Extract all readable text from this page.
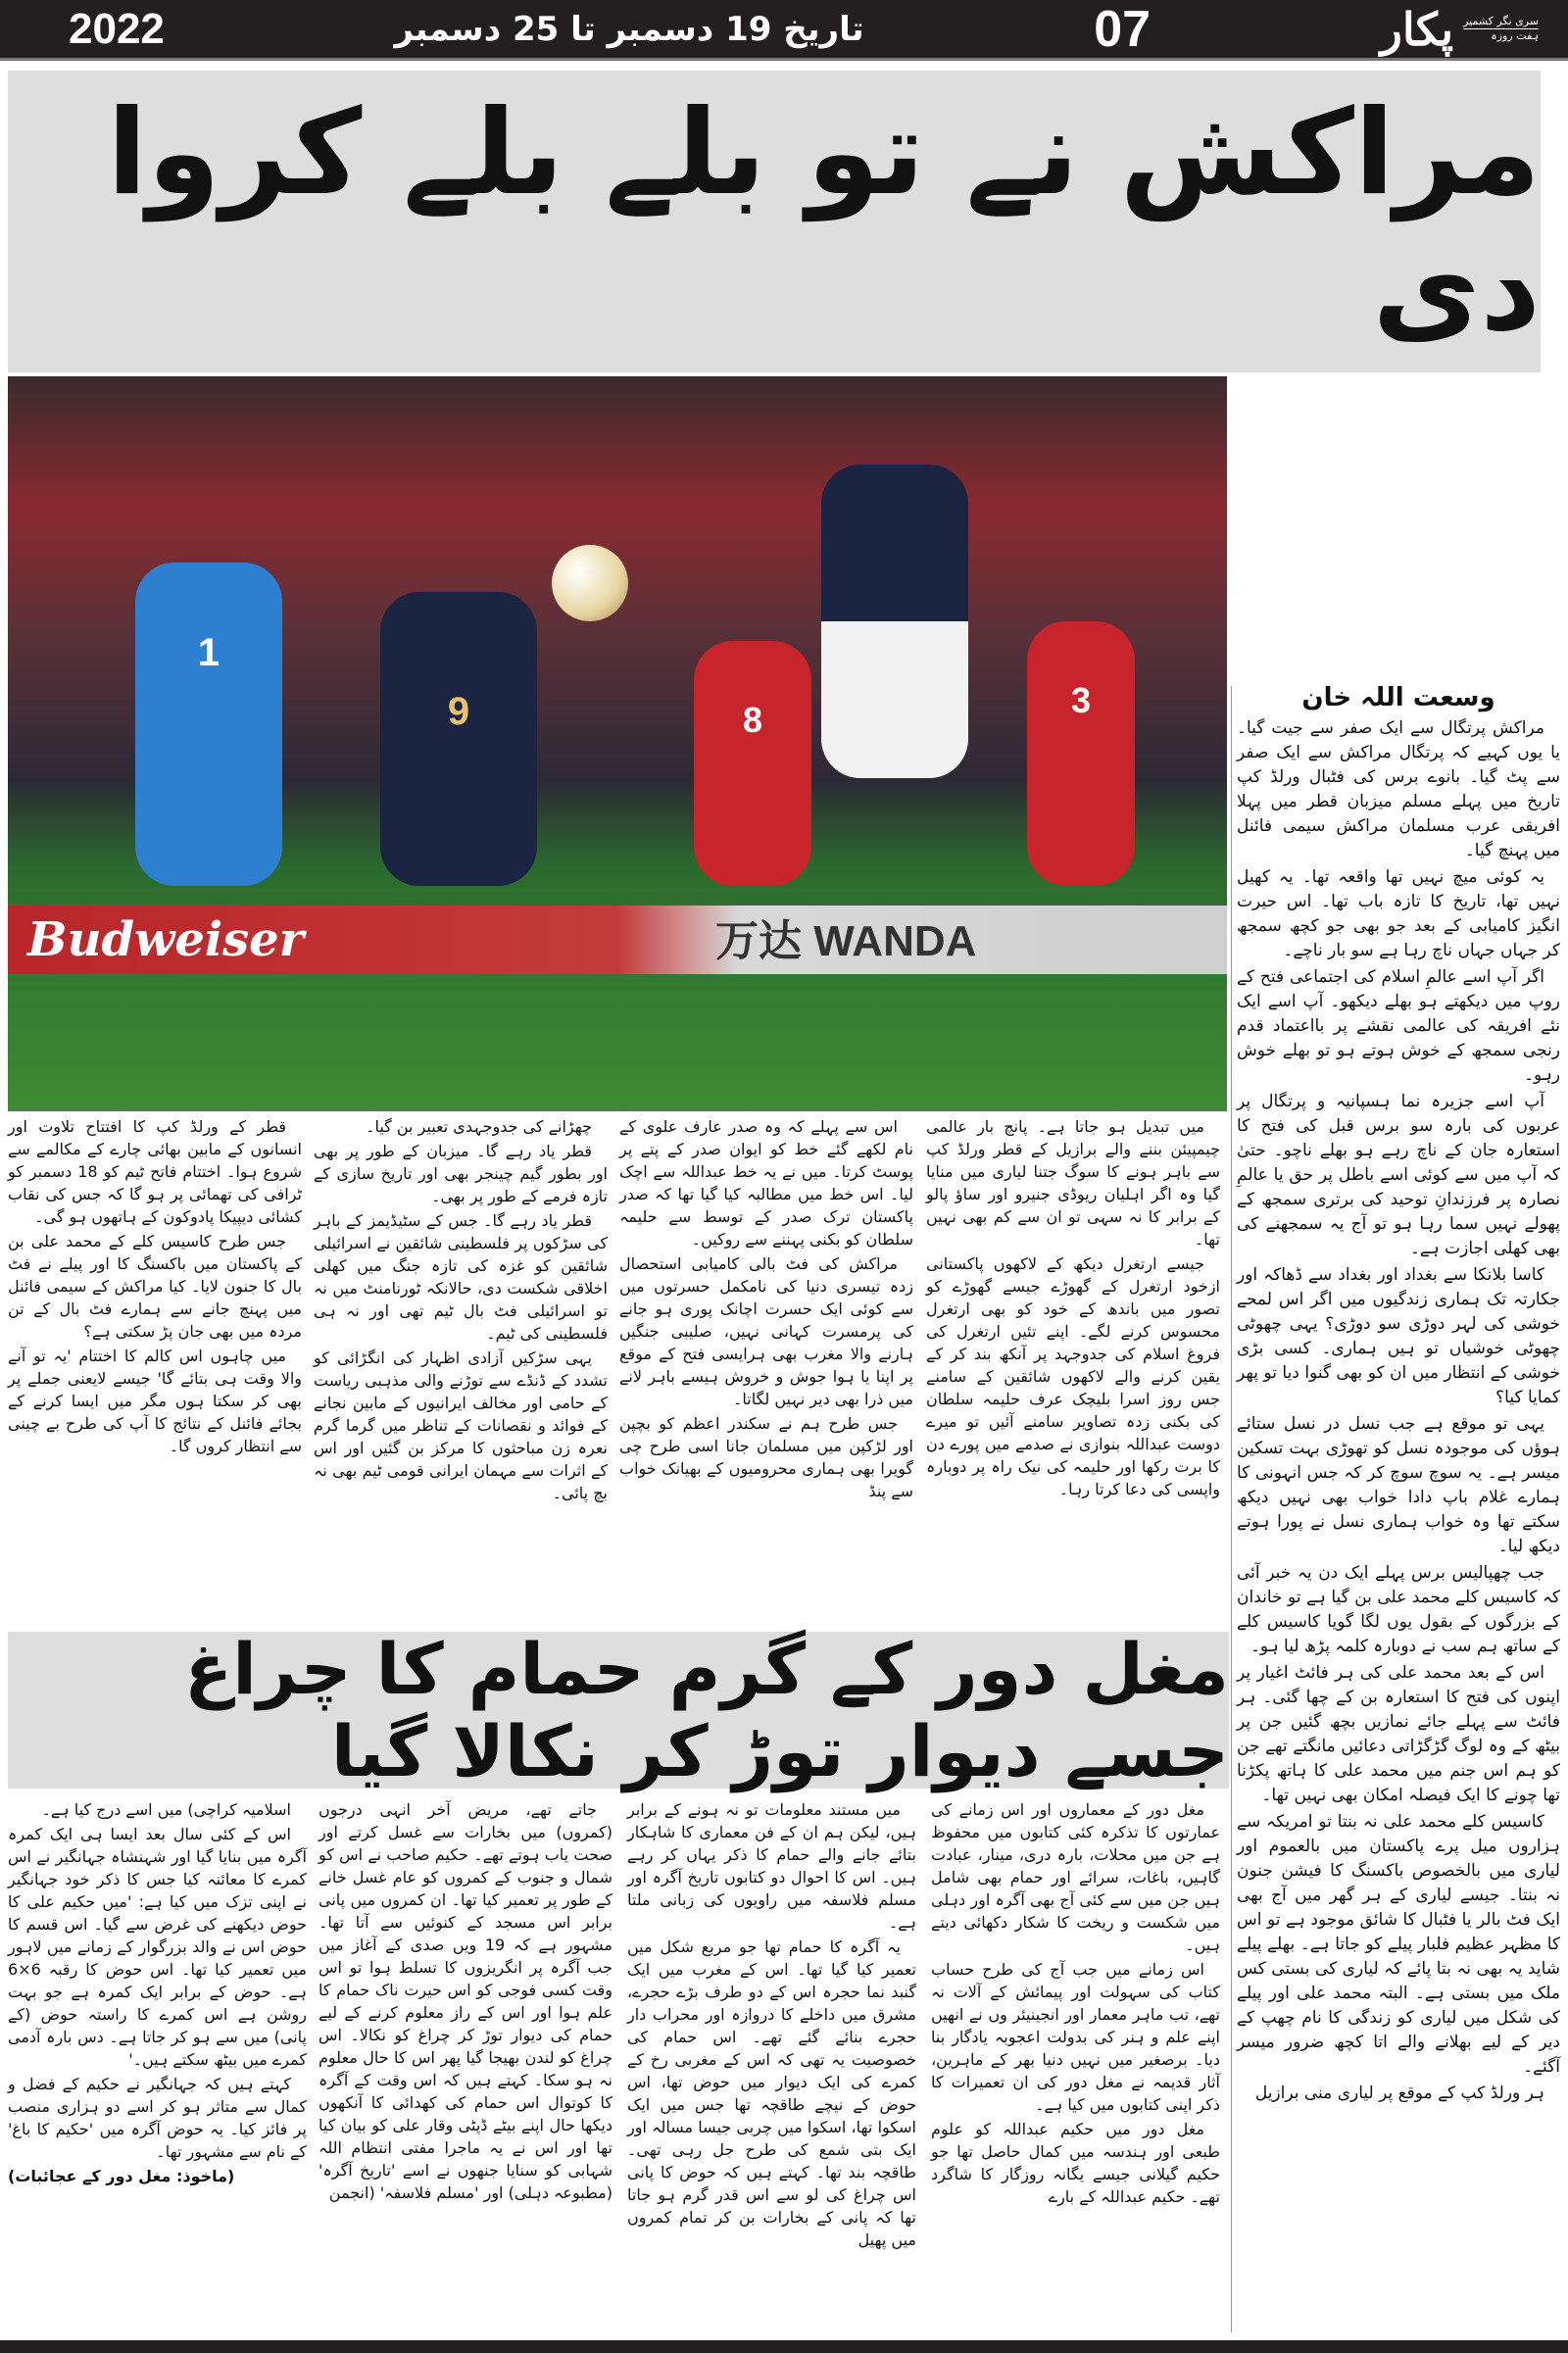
2022	تاریخ 19 دسمبر تا 25 دسمبر	07	سری نگر کشمیر
ہفت روزہ
پکار
مراکش نے تو بلے بلے کروا دی
1
9	8	3
Budweiser	万达 WANDA

وسعت اللہ خان

مراکش پرتگال سے ایک صفر سے جیت گیا۔ یا یوں کہیے کہ پرتگال مراکش سے ایک صفر سے پٹ گیا۔ بانوے برس کی فٹبال ورلڈ کپ تاریخ میں پہلے مسلم میزبان قطر میں پہلا افریقی عرب مسلمان مراکش سیمی فائنل میں پہنچ گیا۔

یہ کوئی میچ نہیں تھا واقعہ تھا۔ یہ کھیل نہیں تھا، تاریخ کا تازہ باب تھا۔ اس حیرت انگیز کامیابی کے بعد جو بھی جو کچھ سمجھ کر جہاں جہاں ناچ رہا ہے سو بار ناچے۔

اگر آپ اسے عالمِ اسلام کی اجتماعی فتح کے روپ میں دیکھتے ہو بھلے دیکھو۔ آپ اسے ایک نئے افریقہ کی عالمی نقشے پر بااعتماد قدم رنجی سمجھ کے خوش ہوتے ہو تو بھلے خوش رہو۔

آپ اسے جزیرہ نما ہسپانیہ و پرتگال پر عربوں کی بارہ سو برس قبل کی فتح کا استعارہ جان کے ناچ رہے ہو بھلے ناچو۔ حتیٰ کہ آپ میں سے کوئی اسے باطل پر حق یا عالمِ نصارہ پر فرزندانِ توحید کی برتری سمجھ کے پھولے نہیں سما رہا ہو تو آج یہ سمجھنے کی بھی کھلی اجازت ہے۔

کاسا بلانکا سے بغداد اور بغداد سے ڈھاکہ اور جکارتہ تک ہماری زندگیوں میں اگر اس لمحے خوشی کی لہر دوڑی سو دوڑی؟ یہی چھوٹی چھوٹی خوشیاں تو ہیں ہماری۔ کسی بڑی خوشی کے انتظار میں ان کو بھی گنوا دیا تو پھر کمایا کیا؟

یہی تو موقع ہے جب نسل در نسل ستائے ہوؤں کی موجودہ نسل کو تھوڑی بہت تسکین میسر ہے۔ یہ سوچ سوچ کر کہ جس انہونی کا ہمارے غلام باپ دادا خواب بھی نہیں دیکھ سکتے تھا وہ خواب ہماری نسل نے پورا ہوتے دیکھ لیا۔

جب چھپالیس برس پہلے ایک دن یہ خبر آئی کہ کاسیس کلے محمد علی بن گیا ہے تو خاندان کے بزرگوں کے بقول یوں لگا گویا کاسیس کلے کے ساتھ ہم سب نے دوبارہ کلمہ پڑھ لیا ہو۔

اس کے بعد محمد علی کی ہر فائٹ اغیار پر اپنوں کی فتح کا استعارہ بن کے چھا گئی۔ ہر فائٹ سے پہلے جائے نمازیں بچھ گئیں جن پر بیٹھ کے وہ لوگ گڑگڑاتی دعائیں مانگتے تھے جن کو ہم اس جنم میں محمد علی کا ہاتھ پکڑنا تھا چونے کا ایک فیصلہ امکان بھی نہیں تھا۔

کاسیس کلے محمد علی نہ بنتا تو امریکہ سے ہزاروں میل پرے پاکستان میں بالعموم اور لیاری میں بالخصوص باکسنگ کا فیشن جنون نہ بنتا۔ جیسے لیاری کے ہر گھر میں آج بھی ایک فٹ بالر یا فٹبال کا شائق موجود ہے تو اس کا مظہر عظیم فلبار پیلے کو جاتا ہے۔ بھلے پیلے شاید یہ بھی نہ بتا پائے کہ لیاری کی بستی کس ملک میں بستی ہے۔ البتہ محمد علی اور پیلے کی شکل میں لیاری کو زندگی کا نام چھپ کے دیر کے لیے بھلانے والے اتا کچھ ضرور میسر آگئے۔

ہر ورلڈ کپ کے موقع پر لیاری منی برازیل

میں تبدیل ہو جاتا ہے۔ پانچ بار عالمی چیمپیئن بننے والے برازیل کے قطر ورلڈ کپ سے باہر ہونے کا سوگ جتنا لیاری میں منایا گیا وہ اگر اہلیان ریوڈی جنیرو اور ساؤ پالو کے برابر کا نہ سہی تو ان سے کم بھی نہیں تھا۔

جیسے ارتغرل دیکھ کے لاکھوں پاکستانی ازخود ارتغرل کے گھوڑے جیسے گھوڑے کو تصور میں باندھ کے خود کو بھی ارتغرل محسوس کرنے لگے۔ اپنے تئیں ارتغرل کی فروغ اسلام کی جدوجہد پر آنکھ بند کر کے یقین کرنے والے لاکھوں شائقین کے سامنے جس روز اسرا بلیچک عرف حلیمہ سلطان کی بکنی زدہ تصاویر سامنے آئیں تو میرے دوست عبداللہ بنوازی نے صدمے میں پورے دن کا برت رکھا اور حلیمہ کی نیک راہ پر دوبارہ واپسی کی دعا کرتا رہا۔

اس سے پہلے کہ وہ صدر عارف علوی کے نام لکھے گئے خط کو ایوان صدر کے پتے پر پوسٹ کرتا۔ میں نے یہ خط عبداللہ سے اچک لیا۔ اس خط میں مطالبہ کیا گیا تھا کہ صدر پاکستان ترک صدر کے توسط سے حلیمہ سلطان کو بکنی پہننے سے روکیں۔

مراکش کی فٹ بالی کامیابی استحصال زدہ تیسری دنیا کی نامکمل حسرتوں میں سے کوئی ایک حسرت اچانک پوری ہو جانے کی پرمسرت کہانی نہیں، صلیبی جنگیں ہارنے والا مغرب بھی ہرایسی فتح کے موقع پر اپنا یا ہوا جوش و خروش ہیسے باہر لانے میں ذرا بھی دیر نہیں لگاتا۔

جس طرح ہم نے سکندر اعظم کو بچپن اور لڑکپن میں مسلمان جانا اسی طرح چی گویرا بھی ہماری محرومیوں کے بھیانک خواب سے پنڈ

چھڑانے کی جدوجہدی تعبیر بن گیا۔

قطر یاد رہے گا۔ میزبان کے طور پر بھی اور بطور گیم چینجر بھی اور تاریخ سازی کے تازہ فرمے کے طور پر بھی۔

قطر یاد رہے گا۔ جس کے سٹیڈیمز کے باہر کی سڑکوں پر فلسطینی شائقین نے اسرائیلی شائقین کو غزہ کی تازہ جنگ میں کھلی اخلاقی شکست دی، حالانکہ ٹورنامنٹ میں نہ تو اسرائیلی فٹ بال ٹیم تھی اور نہ ہی فلسطینی کی ٹیم۔

یہی سڑکیں آزادی اظہار کی انگڑائی کو تشدد کے ڈنڈے سے توڑنے والی مذہبی ریاست کے حامی اور مخالف ایرانیوں کے مابین نجانے کے فوائد و نقصانات کے تناظر میں گرما گرم نعرہ زن مباحثوں کا مرکز بن گئیں اور اس کے اثرات سے مہمان ایرانی قومی ٹیم بھی نہ بچ پائی۔

قطر کے ورلڈ کپ کا افتتاح تلاوت اور انسانوں کے مابین بھائی چارے کے مکالمے سے شروع ہوا۔ اختتام فاتح ٹیم کو 18 دسمبر کو ٹرافی کی تھمائی پر ہو گا کہ جس کی نقاب کشائی دیپیکا پادوکون کے ہاتھوں ہو گی۔

جس طرح کاسیس کلے کے محمد علی بن کے پاکستان میں باکسنگ کا اور پیلے نے فٹ بال کا جنون لایا۔ کیا مراکش کے سیمی فائنل میں پہنچ جانے سے ہمارے فٹ بال کے تن مردہ میں بھی جان پڑ سکتی ہے؟

میں چاہوں اس کالم کا اختتام 'یہ تو آنے والا وقت ہی بتائے گا' جیسے لایعنی جملے پر بھی کر سکتا ہوں مگر میں ایسا کرنے کے بجائے فائنل کے نتائج کا آپ کی طرح بے چینی سے انتظار کروں گا۔

مغل دور کے گرم حمام کا چراغ جسے دیوار توڑ کر نکالا گیا

مغل دور کے معماروں اور اس زمانے کی عمارتوں کا تذکرہ کئی کتابوں میں محفوظ ہے جن میں محلات، بارہ دری، مینار، عبادت گاہیں، باغات، سرائے اور حمام بھی شامل ہیں جن میں سے کئی آج بھی آگرہ اور دہلی میں شکست و ریخت کا شکار دکھائی دیتے ہیں۔

اس زمانے میں جب آج کی طرح حساب کتاب کی سہولت اور پیمائش کے آلات نہ تھے، تب ماہر معمار اور انجینیئر وں نے انھیں اپنے علم و ہنر کی بدولت اعجوبہ یادگار بنا دیا۔ برصغیر میں نہیں دنیا بھر کے ماہرین، آثار قدیمہ نے مغل دور کی ان تعمیرات کا ذکر اپنی کتابوں میں کیا ہے۔

مغل دور میں حکیم عبداللہ کو علوم طبعی اور ہندسہ میں کمال حاصل تھا جو حکیم گیلانی جیسے یگانہ روزگار کا شاگرد تھے۔ حکیم عبداللہ کے بارے

میں مستند معلومات تو نہ ہونے کے برابر ہیں، لیکن ہم ان کے فن معماری کا شاہکار بتائے جانے والے حمام کا ذکر یہاں کر رہے ہیں۔ اس کا احوال دو کتابوں تاریخ آگرہ اور مسلم فلاسفہ میں راویوں کی زبانی ملتا ہے۔

یہ آگرہ کا حمام تھا جو مربع شکل میں تعمیر کیا گیا تھا۔ اس کے مغرب میں ایک گنبد نما حجرہ اس کے دو طرف بڑے حجرے، مشرق میں داخلے کا دروازہ اور محراب دار حجرے بنائے گئے تھے۔ اس حمام کی خصوصیت یہ تھی کہ اس کے مغربی رخ کے کمرے کی ایک دیوار میں حوض تھا، اس حوض کے نیچے طاقچہ تھا جس میں ایک اسکوا تھا، اسکوا میں چربی جیسا مسالہ اور ایک بتی شمع کی طرح جل رہی تھی۔ طاقچہ بند تھا۔ کہتے ہیں کہ حوض کا پانی اس چراغ کی لو سے اس قدر گرم ہو جاتا تھا کہ پانی کے بخارات بن کر تمام کمروں میں پھیل

جاتے تھے، مریض آخر انہی درجوں (کمروں) میں بخارات سے غسل کرتے اور صحت یاب ہوتے تھے۔ حکیم صاحب نے اس کو شمال و جنوب کے کمروں کو عام غسل خانے کے طور پر تعمیر کیا تھا۔ ان کمروں میں پانی برابر اس مسجد کے کنوئیں سے آتا تھا۔ مشہور ہے کہ 19 ویں صدی کے آغاز میں جب آگرہ پر انگریزوں کا تسلط ہوا تو اس وقت کسی فوجی کو اس حیرت ناک حمام کا علم ہوا اور اس کے راز معلوم کرنے کے لیے حمام کی دیوار توڑ کر چراغ کو نکالا۔ اس چراغ کو لندن بھیجا گیا پھر اس کا حال معلوم نہ ہو سکا۔ کہتے ہیں کہ اس وقت کے آگرہ کا کوتوال اس حمام کی کھدائی کا آنکھوں دیکھا حال اپنے بیٹے ڈپٹی وقار علی کو بیان کیا تھا اور اس نے یہ ماجرا مفتی انتظام اللہ شہابی کو سنایا جنھوں نے اسے 'تاریخ آگرہ' (مطبوعہ دہلی) اور 'مسلم فلاسفہ' (انجمن

اسلامیہ کراچی) میں اسے درج کیا ہے۔

اس کے کئی سال بعد ایسا ہی ایک کمرہ آگرہ میں بنایا گیا اور شہنشاہ جہانگیر نے اس کمرے کا معائنہ کیا جس کا ذکر خود جہانگیر نے اپنی تزک میں کیا ہے: 'میں حکیم علی کا حوض دیکھنے کی غرض سے گیا۔ اس قسم کا حوض اس نے والد بزرگوار کے زمانے میں لاہور میں تعمیر کیا تھا۔ اس حوض کا رقبہ 6×6 ہے۔ حوض کے برابر ایک کمرہ ہے جو بہت روشن ہے اس کمرے کا راستہ حوض (کے پانی) میں سے ہو کر جاتا ہے۔ دس بارہ آدمی کمرے میں بیٹھ سکتے ہیں۔'

کہتے ہیں کہ جہانگیر نے حکیم کے فضل و کمال سے متاثر ہو کر اسے دو ہزاری منصب پر فائز کیا۔ یہ حوض آگرہ میں 'حکیم کا باغ' کے نام سے مشہور تھا۔

(ماخوذ: مغل دور کے عجائبات)
